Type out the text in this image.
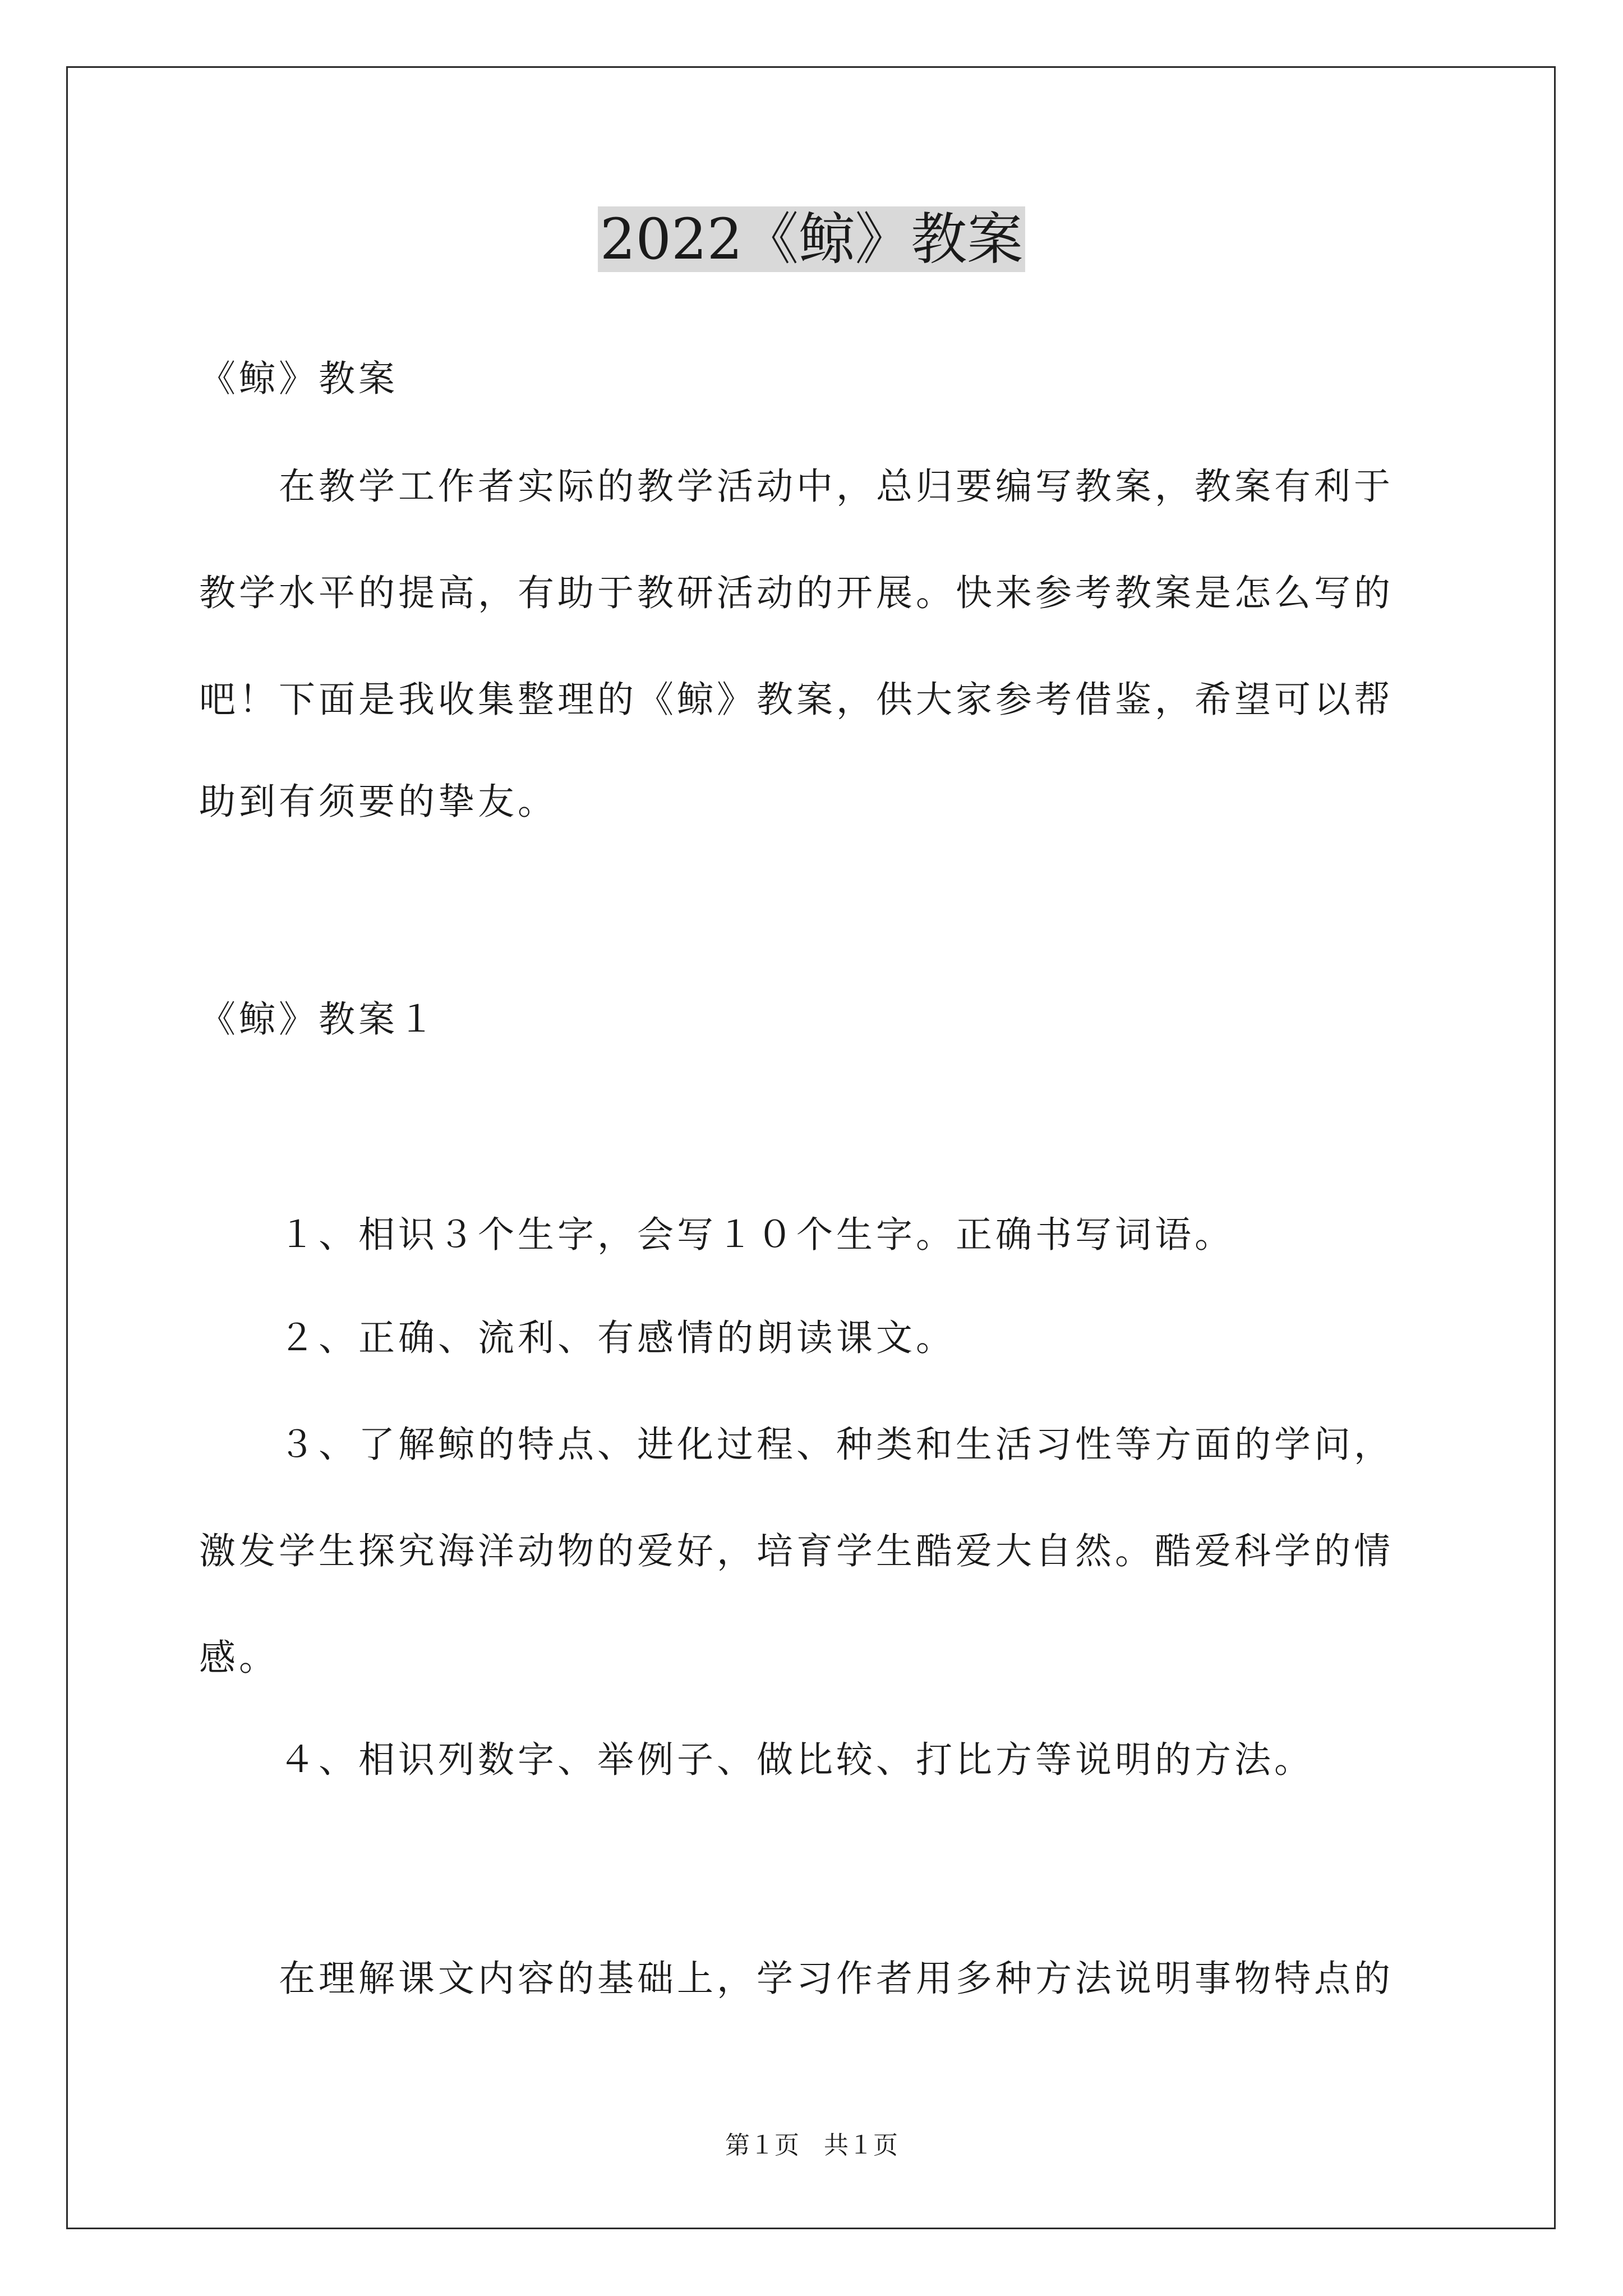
2022《鲸》教案
《鲸》教案
在教学工作者实际的教学活动中，总归要编写教案，教案有利于
教学水平的提高，有助于教研活动的开展。快来参考教案是怎么写的
吧！下面是我收集整理的《鲸》教案，供大家参考借鉴，希望可以帮
助到有须要的挚友。
《鲸》教案１
１、相识３个生字，会写１０个生字。正确书写词语。
２、正确、流利、有感情的朗读课文。
３、了解鲸的特点、进化过程、种类和生活习性等方面的学问，
激发学生探究海洋动物的爱好，培育学生酷爱大自然。酷爱科学的情
感。
４、相识列数字、举例子、做比较、打比方等说明的方法。
在理解课文内容的基础上，学习作者用多种方法说明事物特点的
第１页　共１页
